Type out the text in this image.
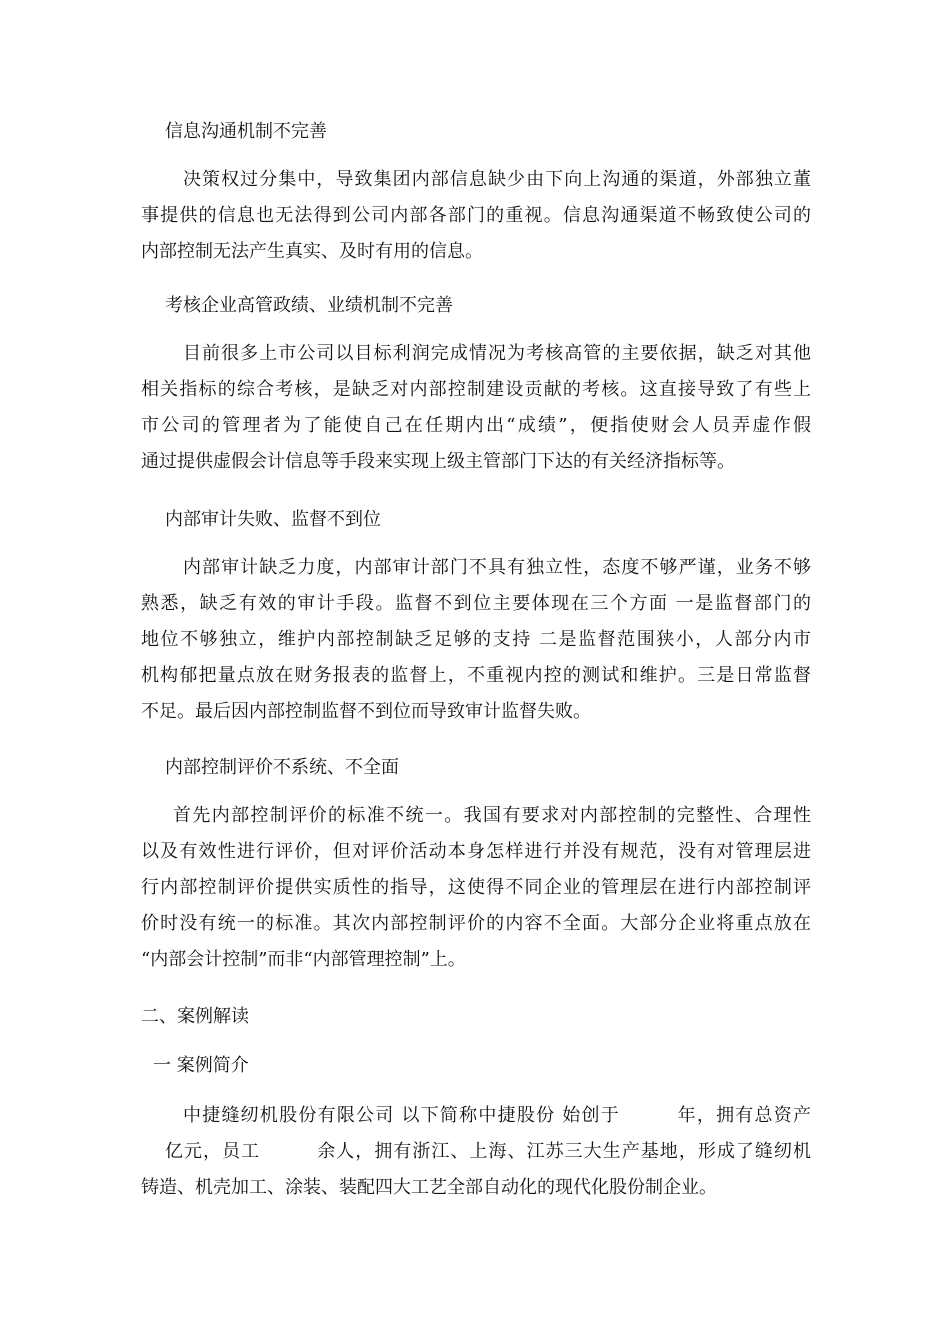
信息沟通机制不完善

决策权过分集中，导致集团内部信息缺少由下向上沟通的渠道，外部独立董

事提供的信息也无法得到公司内部各部门的重视。信息沟通渠道不畅致使公司的

内部控制无法产生真实、及时有用的信息。

考核企业高管政绩、业绩机制不完善

目前很多上市公司以目标利润完成情况为考核高管的主要依据，缺乏对其他

相关指标的综合考核，是缺乏对内部控制建设贡献的考核。这直接导致了有些上

市公司的管理者为了能使自己在任期内出“成绩”，便指使财会人员弄虚作假

通过提供虚假会计信息等手段来实现上级主管部门下达的有关经济指标等。

内部审计失败、监督不到位

内部审计缺乏力度，内部审计部门不具有独立性，态度不够严谨，业务不够

熟悉，缺乏有效的审计手段。监督不到位主要体现在三个方面 一是监督部门的

地位不够独立，维护内部控制缺乏足够的支持 二是监督范围狭小，人部分内市

机构郁把量点放在财务报表的监督上，不重视内控的测试和维护。三是日常监督

不足。最后因内部控制监督不到位而导致审计监督失败。

内部控制评价不系统、不全面

首先内部控制评价的标准不统一。我国有要求对内部控制的完整性、合理性

以及有效性进行评价，但对评价活动本身怎样进行并没有规范，没有对管理层进

行内部控制评价提供实质性的指导，这使得不同企业的管理层在进行内部控制评

价时没有统一的标准。其次内部控制评价的内容不全面。大部分企业将重点放在

“内部会计控制”而非“内部管理控制”上。

二、案例解读
一 案例简介

中捷缝纫机股份有限公司 以下简称中捷股份 始创于　　　年，拥有总资产

亿元，员工　　　余人，拥有浙江、上海、江苏三大生产基地，形成了缝纫机

铸造、机壳加工、涂装、装配四大工艺全部自动化的现代化股份制企业。
